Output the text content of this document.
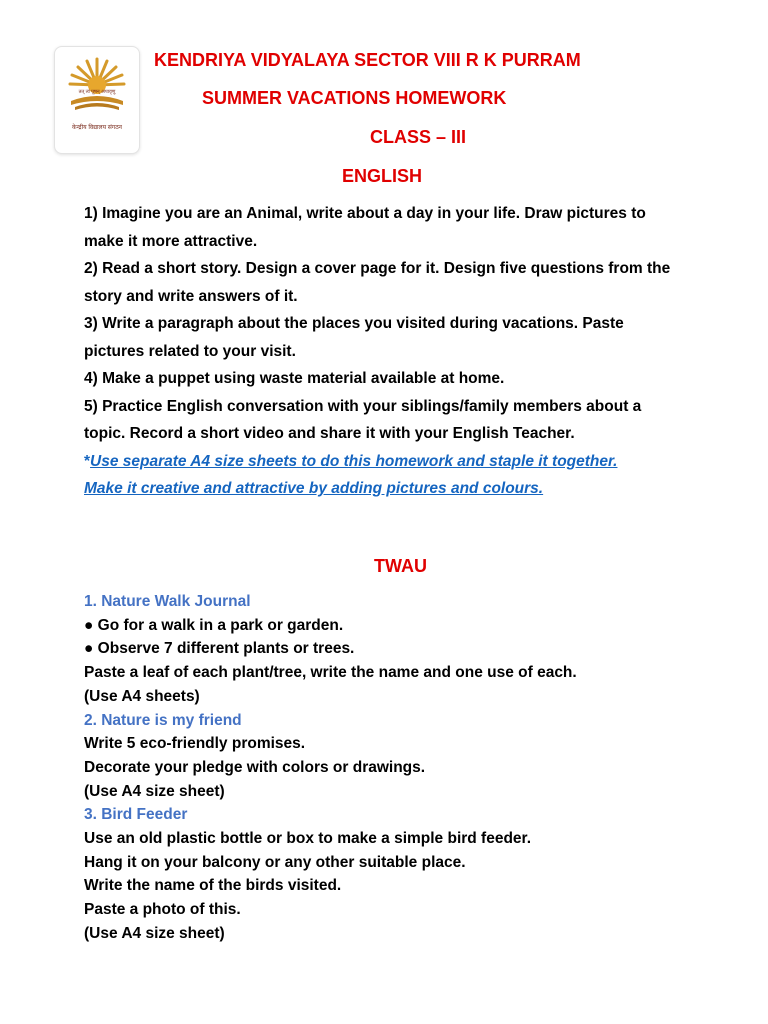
तत् त्वं पूषन् अपावृणु
केन्द्रीय विद्यालय संगठन
KENDRIYA VIDYALAYA SECTOR VIII R K PURRAM
SUMMER VACATIONS HOMEWORK
CLASS – III
ENGLISH

1) Imagine you are an Animal, write about a day in your life. Draw pictures to make it more attractive.

2) Read a short story. Design a cover page for it. Design five questions from the story and write answers of it.

3) Write a paragraph about the places you visited during vacations. Paste pictures related to your visit.

4) Make a puppet using waste material available at home.

5) Practice English conversation with your siblings/family members about a topic. Record a short video and share it with your English Teacher.

*Use separate A4 size sheets to do this homework and staple it together.

Make it creative and attractive by adding pictures and colours.

TWAU

1. Nature Walk Journal

● Go for a walk in a park or garden.

● Observe 7 different plants or trees.

Paste a leaf of each plant/tree, write the name and one use of each.

(Use A4 sheets)

2. Nature is my friend

Write 5 eco-friendly promises.

Decorate your pledge with colors or drawings.

(Use A4 size sheet)

3. Bird Feeder

Use an old plastic bottle or box to make a simple bird feeder.

Hang it on your balcony or any other suitable place.

Write the name of the birds visited.

Paste a photo of this.

(Use A4 size sheet)
